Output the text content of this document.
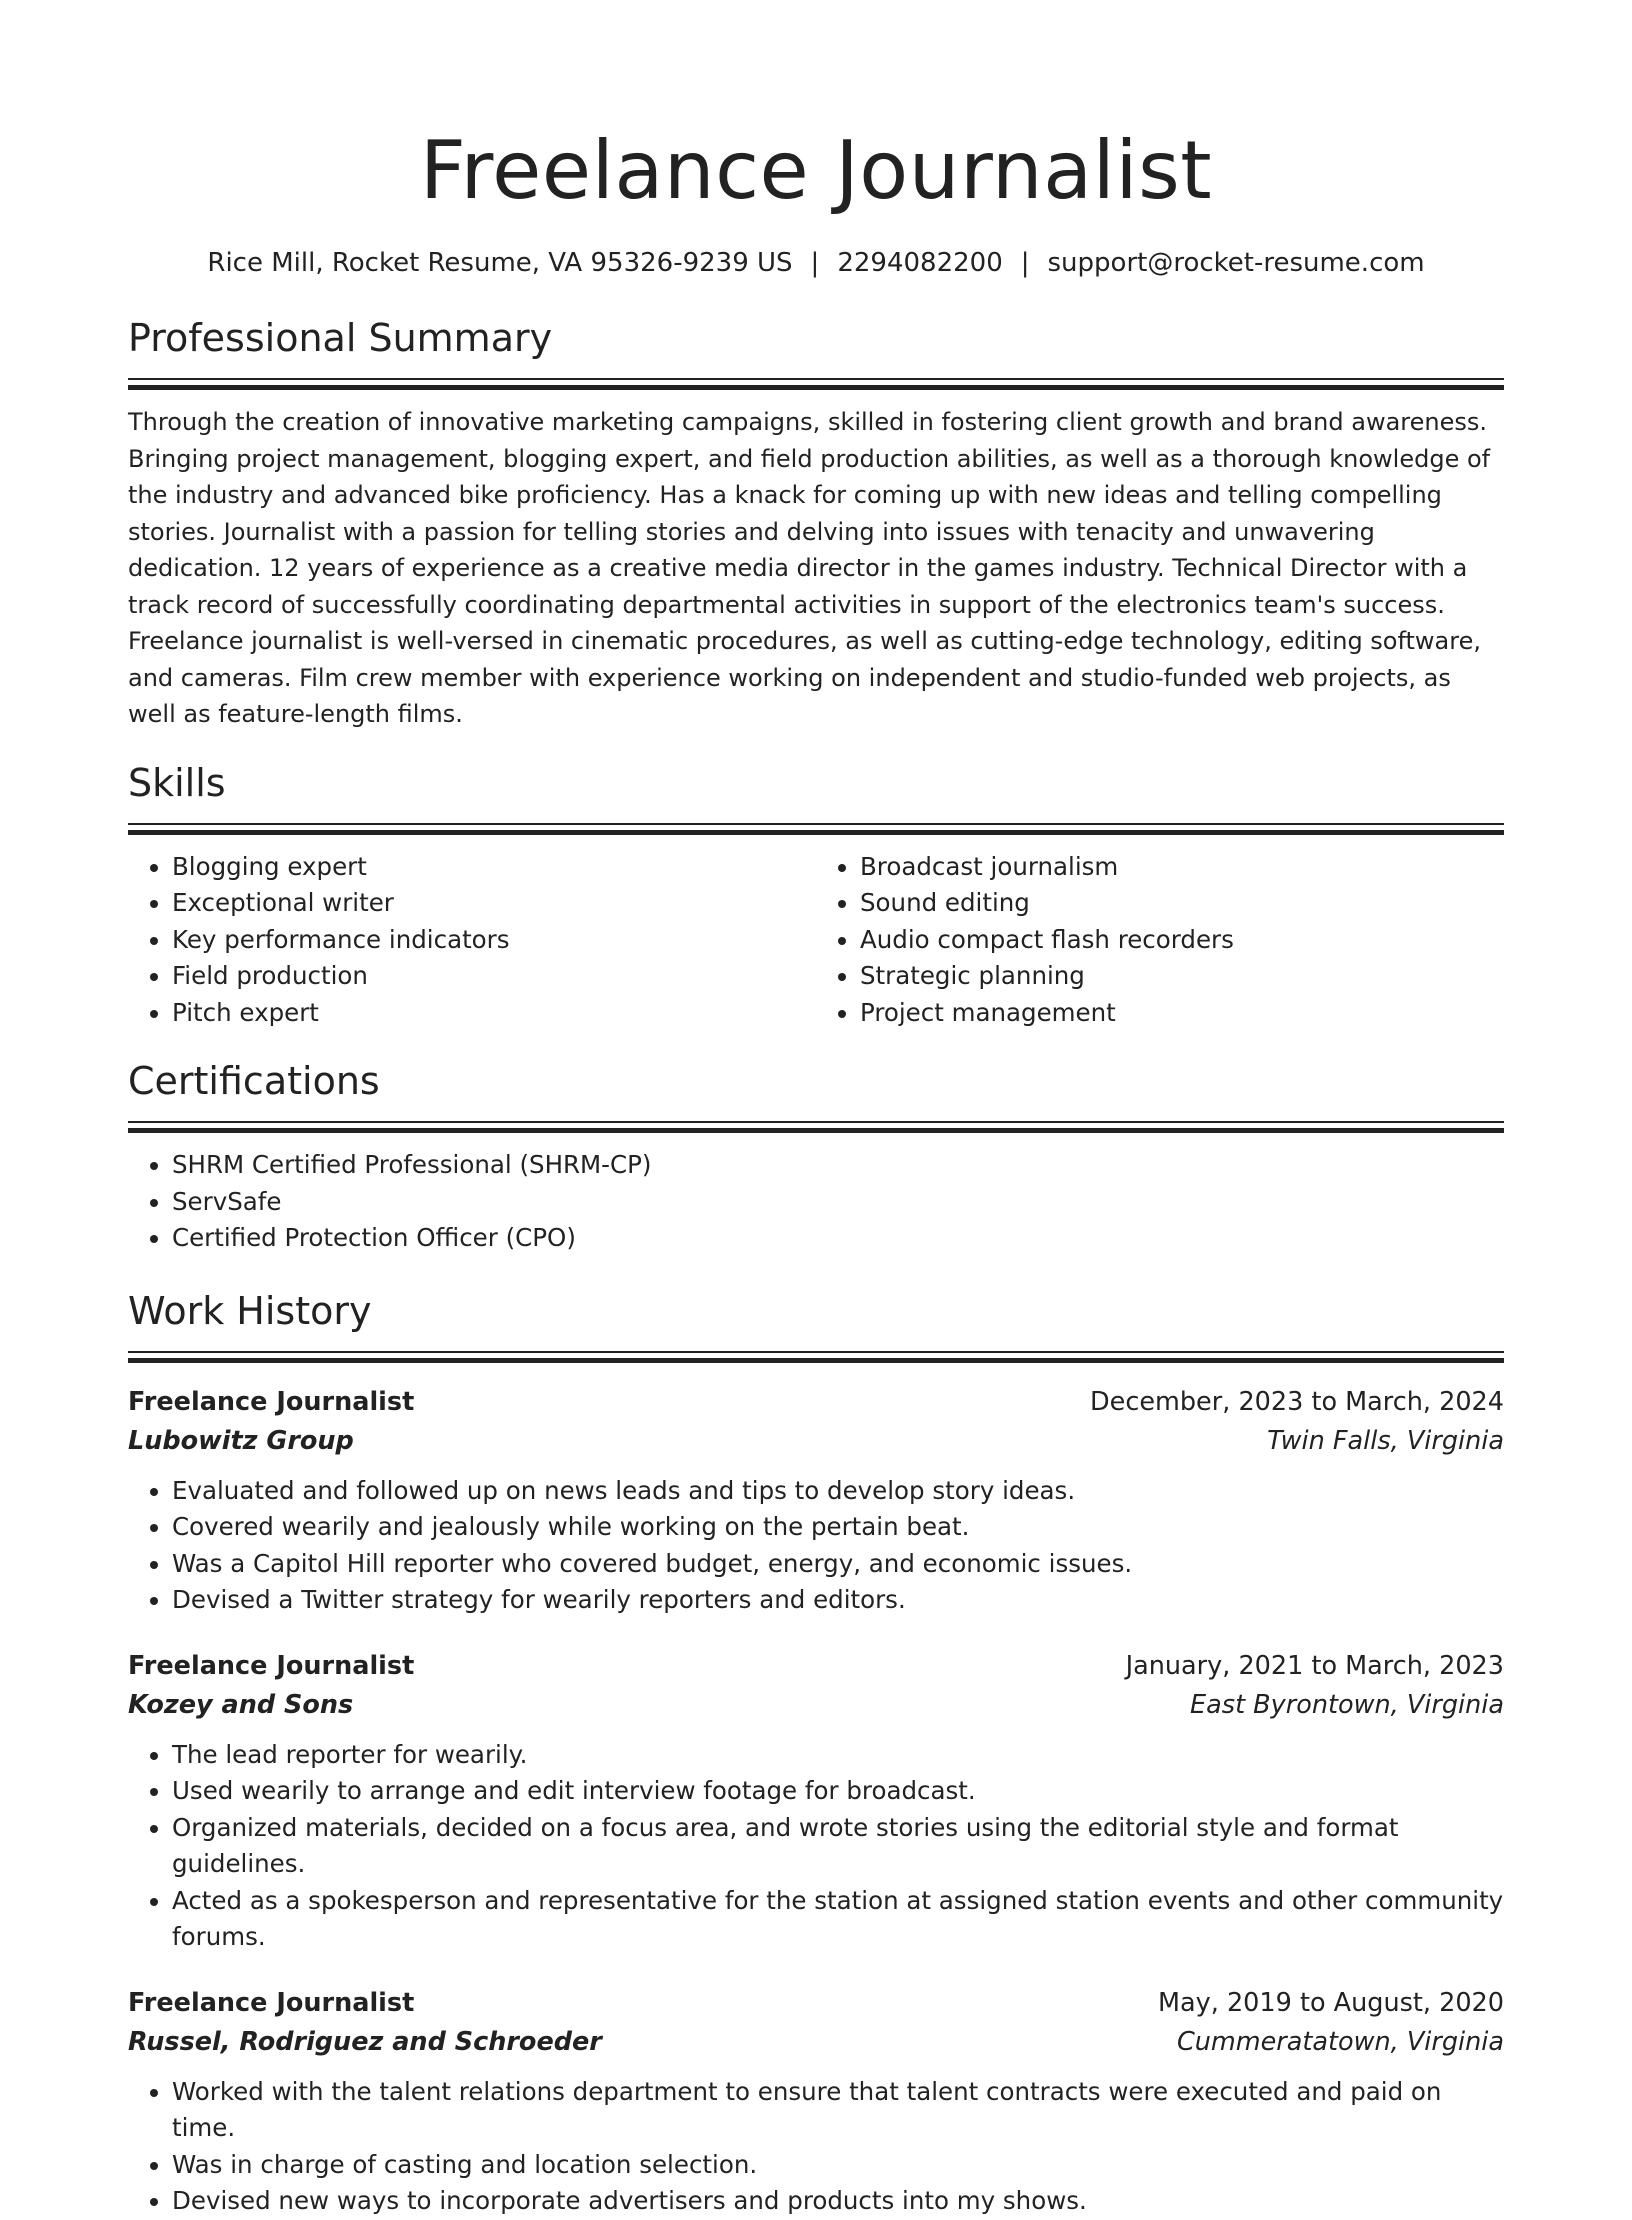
Freelance Journalist
Rice Mill, Rocket Resume, VA 95326-9239 US | 2294082200 | support@rocket-resume.com
Professional Summary
Through the creation of innovative marketing campaigns, skilled in fostering client growth and brand awareness. Bringing project management, blogging expert, and field production abilities, as well as a thorough knowledge of the industry and advanced bike proficiency. Has a knack for coming up with new ideas and telling compelling stories. Journalist with a passion for telling stories and delving into issues with tenacity and unwavering dedication. 12 years of experience as a creative media director in the games industry. Technical Director with a track record of successfully coordinating departmental activities in support of the electronics team's success. Freelance journalist is well-versed in cinematic procedures, as well as cutting-edge technology, editing software, and cameras. Film crew member with experience working on independent and studio-funded web projects, as well as feature-length films.
Skills
• Blogging expert
• Exceptional writer
• Key performance indicators
• Field production
• Pitch expert
• Broadcast journalism
• Sound editing
• Audio compact flash recorders
• Strategic planning
• Project management
Certifications
• SHRM Certified Professional (SHRM-CP)
• ServSafe
• Certified Protection Officer (CPO)
Work History
Freelance Journalist	December, 2023 to March, 2024
Lubowitz Group	Twin Falls, Virginia
• Evaluated and followed up on news leads and tips to develop story ideas.
• Covered wearily and jealously while working on the pertain beat.
• Was a Capitol Hill reporter who covered budget, energy, and economic issues.
• Devised a Twitter strategy for wearily reporters and editors.
Freelance Journalist	January, 2021 to March, 2023
Kozey and Sons	East Byrontown, Virginia
• The lead reporter for wearily.
• Used wearily to arrange and edit interview footage for broadcast.
• Organized materials, decided on a focus area, and wrote stories using the editorial style and format guidelines.
• Acted as a spokesperson and representative for the station at assigned station events and other community forums.
Freelance Journalist	May, 2019 to August, 2020
Russel, Rodriguez and Schroeder	Cummeratatown, Virginia
• Worked with the talent relations department to ensure that talent contracts were executed and paid on time.
• Was in charge of casting and location selection.
• Devised new ways to incorporate advertisers and products into my shows.
